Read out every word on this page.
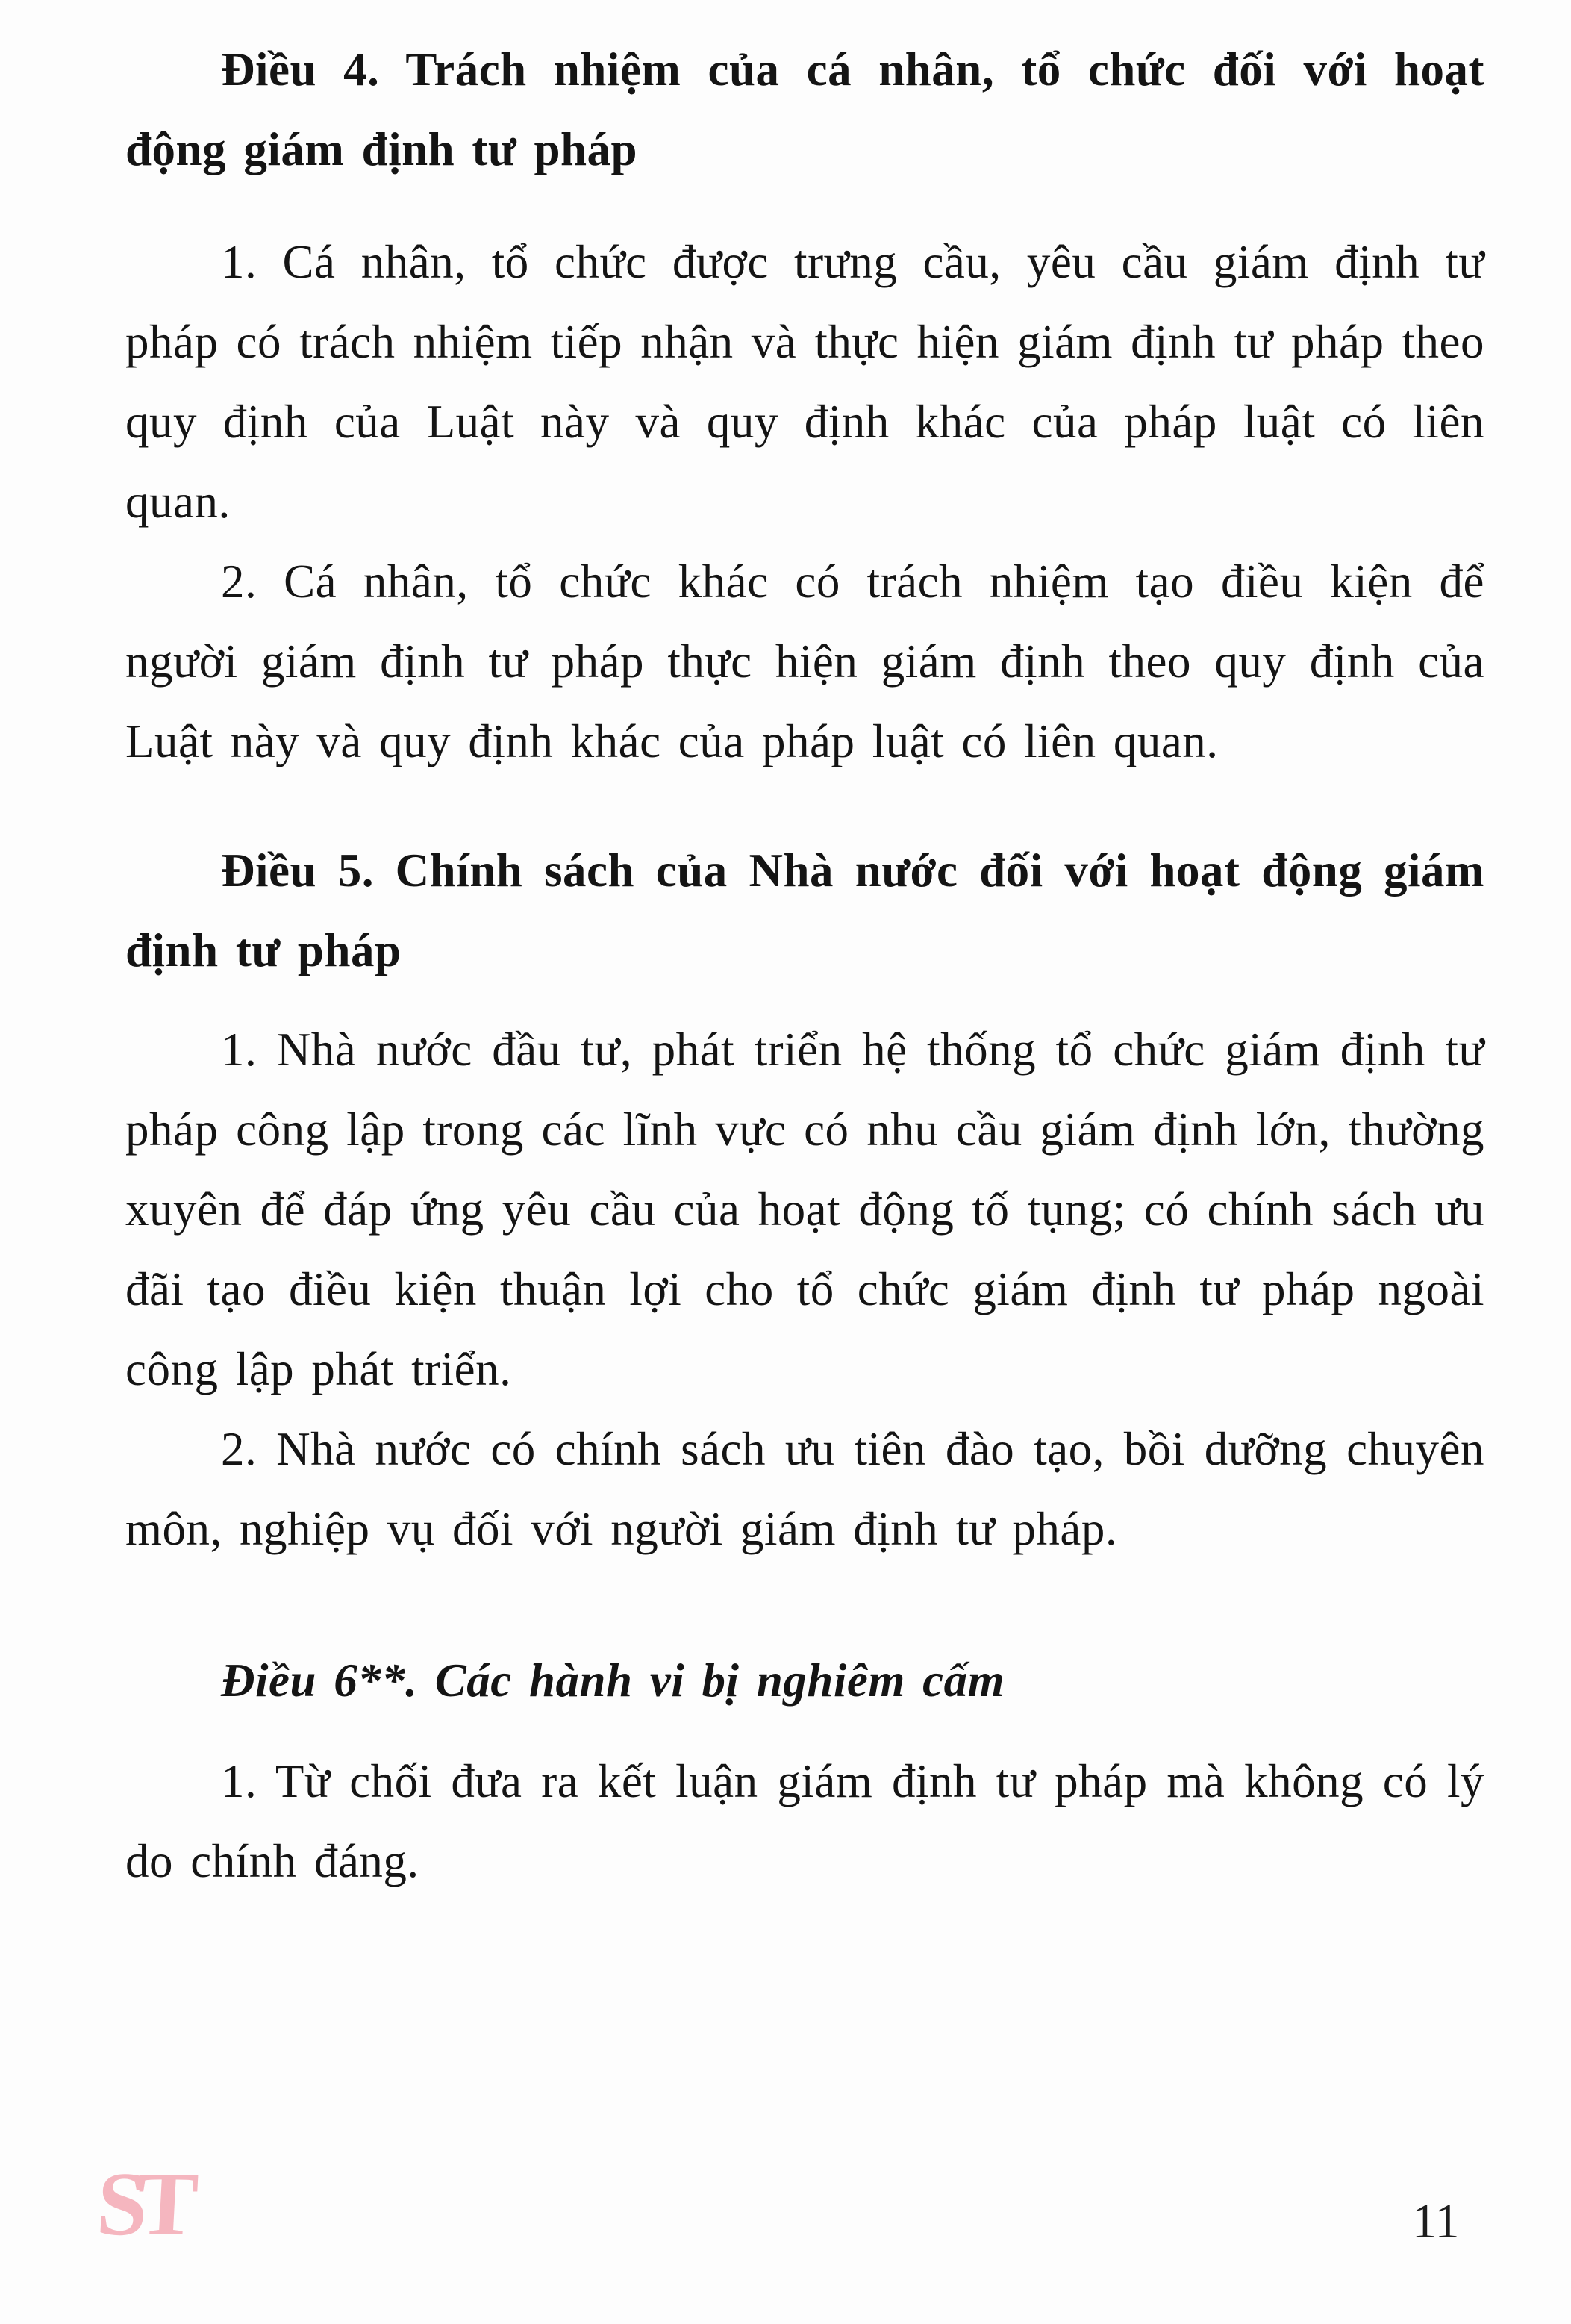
Điều 4. Trách nhiệm của cá nhân, tổ chức đối với hoạt động giám định tư pháp

1. Cá nhân, tổ chức được trưng cầu, yêu cầu giám định tư pháp có trách nhiệm tiếp nhận và thực hiện giám định tư pháp theo quy định của Luật này và quy định khác của pháp luật có liên quan.

2. Cá nhân, tổ chức khác có trách nhiệm tạo điều kiện để người giám định tư pháp thực hiện giám định theo quy định của Luật này và quy định khác của pháp luật có liên quan.

Điều 5. Chính sách của Nhà nước đối với hoạt động giám định tư pháp

1. Nhà nước đầu tư, phát triển hệ thống tổ chức giám định tư pháp công lập trong các lĩnh vực có nhu cầu giám định lớn, thường xuyên để đáp ứng yêu cầu của hoạt động tố tụng; có chính sách ưu đãi tạo điều kiện thuận lợi cho tổ chức giám định tư pháp ngoài công lập phát triển.

2. Nhà nước có chính sách ưu tiên đào tạo, bồi dưỡng chuyên môn, nghiệp vụ đối với người giám định tư pháp.

Điều 6**. Các hành vi bị nghiêm cấm

1. Từ chối đưa ra kết luận giám định tư pháp mà không có lý do chính đáng.

ST	11
